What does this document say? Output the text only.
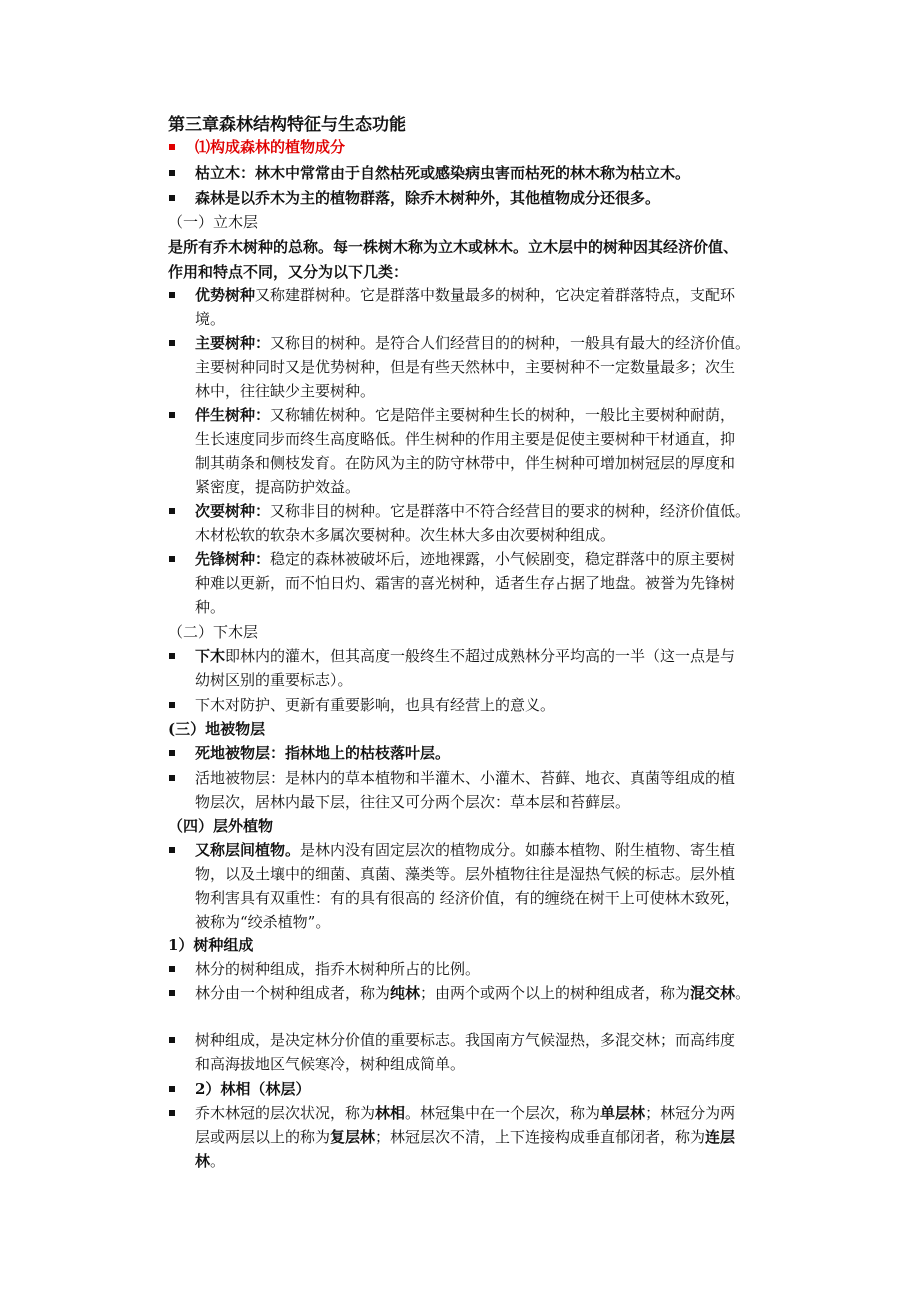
第三章森林结构特征与生态功能
⑴构成森林的植物成分
枯立木：林木中常常由于自然枯死或感染病虫害而枯死的林木称为枯立木。
森林是以乔木为主的植物群落，除乔木树种外，其他植物成分还很多。
（一）立木层
是所有乔木树种的总称。每一株树木称为立木或林木。立木层中的树种因其经济价值、
作用和特点不同，又分为以下几类：
优势树种又称建群树种。它是群落中数量最多的树种，它决定着群落特点，支配环
境。
主要树种：又称目的树种。是符合人们经营目的的树种，一般具有最大的经济价值。
主要树种同时又是优势树种，但是有些天然林中，主要树种不一定数量最多；次生
林中，往往缺少主要树种。
伴生树种：又称辅佐树种。它是陪伴主要树种生长的树种，一般比主要树种耐荫，
生长速度同步而终生高度略低。伴生树种的作用主要是促使主要树种干材通直，抑
制其萌条和侧枝发育。在防风为主的防守林带中，伴生树种可增加树冠层的厚度和
紧密度，提高防护效益。
次要树种：又称非目的树种。它是群落中不符合经营目的要求的树种，经济价值低。
木材松软的软杂木多属次要树种。次生林大多由次要树种组成。
先锋树种：稳定的森林被破坏后，迹地裸露，小气候剧变，稳定群落中的原主要树
种难以更新，而不怕日灼、霜害的喜光树种，适者生存占据了地盘。被誉为先锋树
种。
（二）下木层
下木即林内的灌木，但其高度一般终生不超过成熟林分平均高的一半（这一点是与
幼树区别的重要标志）。
下木对防护、更新有重要影响，也具有经营上的意义。
(三）地被物层
死地被物层：指林地上的枯枝落叶层。
活地被物层：是林内的草本植物和半灌木、小灌木、苔藓、地衣、真菌等组成的植
物层次，居林内最下层，往往又可分两个层次：草本层和苔藓层。
（四）层外植物
又称层间植物。是林内没有固定层次的植物成分。如藤本植物、附生植物、寄生植
物，以及土壤中的细菌、真菌、藻类等。层外植物往往是湿热气候的标志。层外植
物利害具有双重性：有的具有很高的 经济价值，有的缠绕在树干上可使林木致死，
被称为“绞杀植物”。
1）树种组成
林分的树种组成，指乔木树种所占的比例。
林分由一个树种组成者，称为纯林；由两个或两个以上的树种组成者，称为混交林。
树种组成，是决定林分价值的重要标志。我国南方气候湿热，多混交林；而高纬度
和高海拔地区气候寒冷，树种组成简单。
2）林相（林层）
乔木林冠的层次状况，称为林相。林冠集中在一个层次，称为单层林；林冠分为两
层或两层以上的称为复层林；林冠层次不清，上下连接构成垂直郁闭者，称为连层
林。
